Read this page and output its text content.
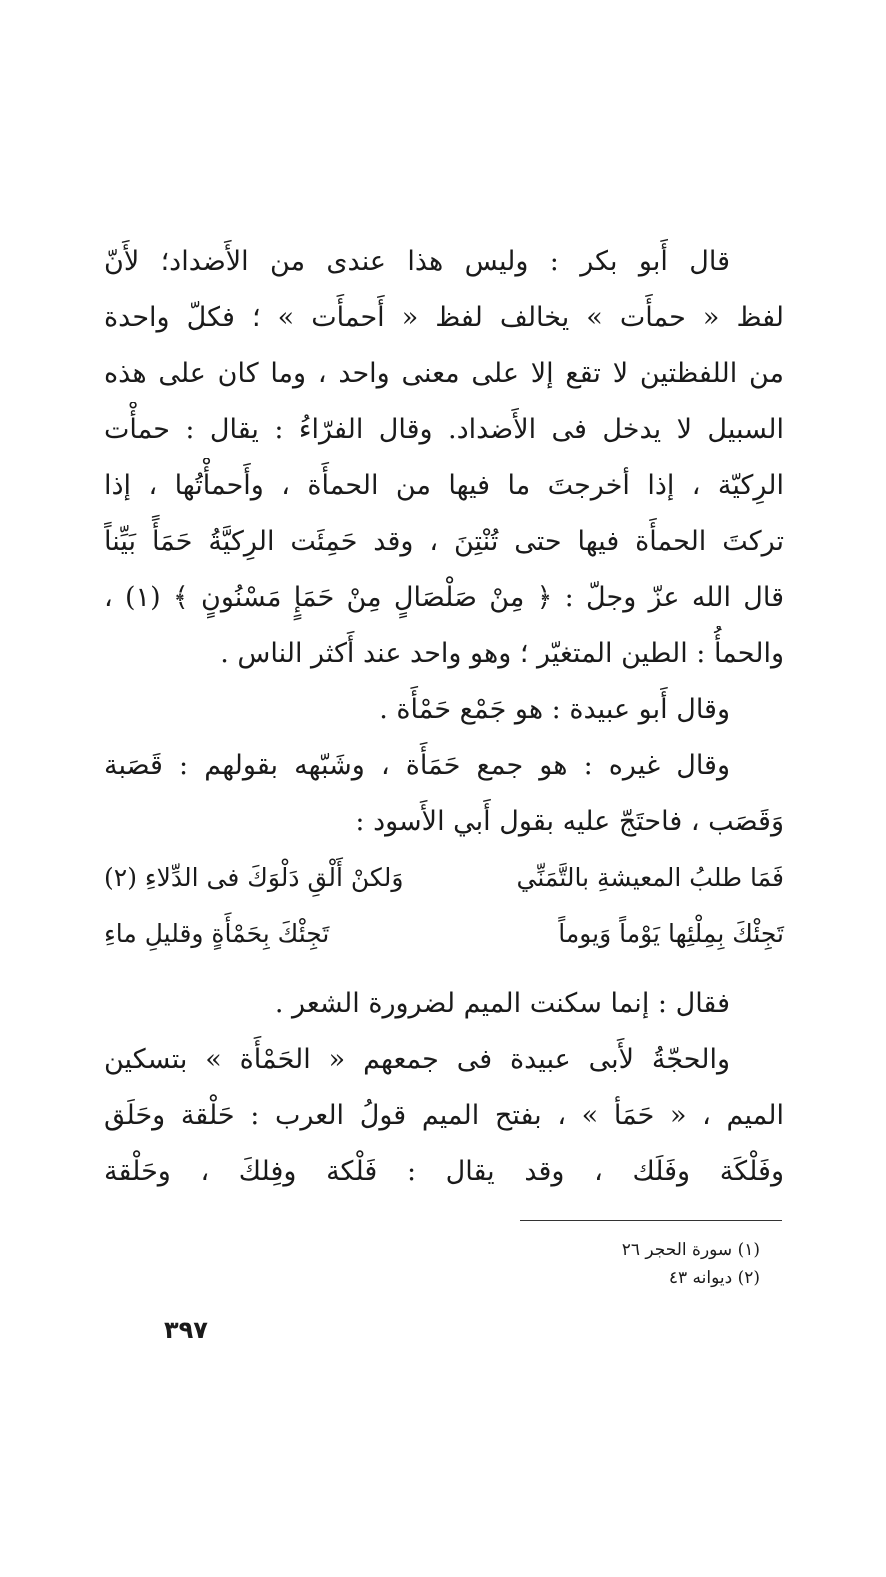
قال أَبو بكر : وليس هذا عندى من الأَضداد؛ لأَنّ
لفظ « حمأَت » يخالف لفظ « أَحمأَت » ؛ فكلّ واحدة
من اللفظتين لا تقع إلا على معنى واحد ، وما كان على هذه
السبيل لا يدخل فى الأَضداد. وقال الفرّاءُ : يقال : حمأْت
الرِكيّة ، إذا أخرجتَ ما فيها من الحمأَة ، وأَحمأْتُها ، إذا
تركتَ الحمأَة فيها حتى تُنْتِنَ ، وقد حَمِئَت الرِكيَّةُ حَمَأً بَيِّناً
قال الله عزّ وجلّ : ﴿ مِنْ صَلْصَالٍ مِنْ حَمَإٍ مَسْنُونٍ ﴾ (١) ،
والحمأُ : الطين المتغيّر ؛ وهو واحد عند أَكثر الناس .
وقال أَبو عبيدة : هو جَمْع حَمْأَة .
وقال غيره : هو جمع حَمَأَة ، وشَبّهه بقولهم : قَصَبة
وَقَصَب ، فاحتَجّ عليه بقول أَبي الأَسود :
فَمَا طلبُ المعيشةِ بالتَّمَنِّي
وَلكنْ أَلْقِ دَلْوَكَ فى الدِّلاءِ (٢)
تَجِئْكَ بِمِلْئِها يَوْماً وَيوماً
تَجِئْكَ بِحَمْأَةٍ وقليلِ ماءِ
فقال : إنما سكنت الميم لضرورة الشعر .
والحجّةُ لأَبى عبيدة فى جمعهم « الحَمْأَة » بتسكين
الميم ، « حَمَأ » ، بفتح الميم قولُ العرب : حَلْقة وحَلَق
وفَلْكَة وفَلَك ، وقد يقال : فَلْكة وفِلكَ ، وحَلْقة
(١) سورة الحجر ٢٦
(٢) ديوانه ٤٣
٣٩٧
